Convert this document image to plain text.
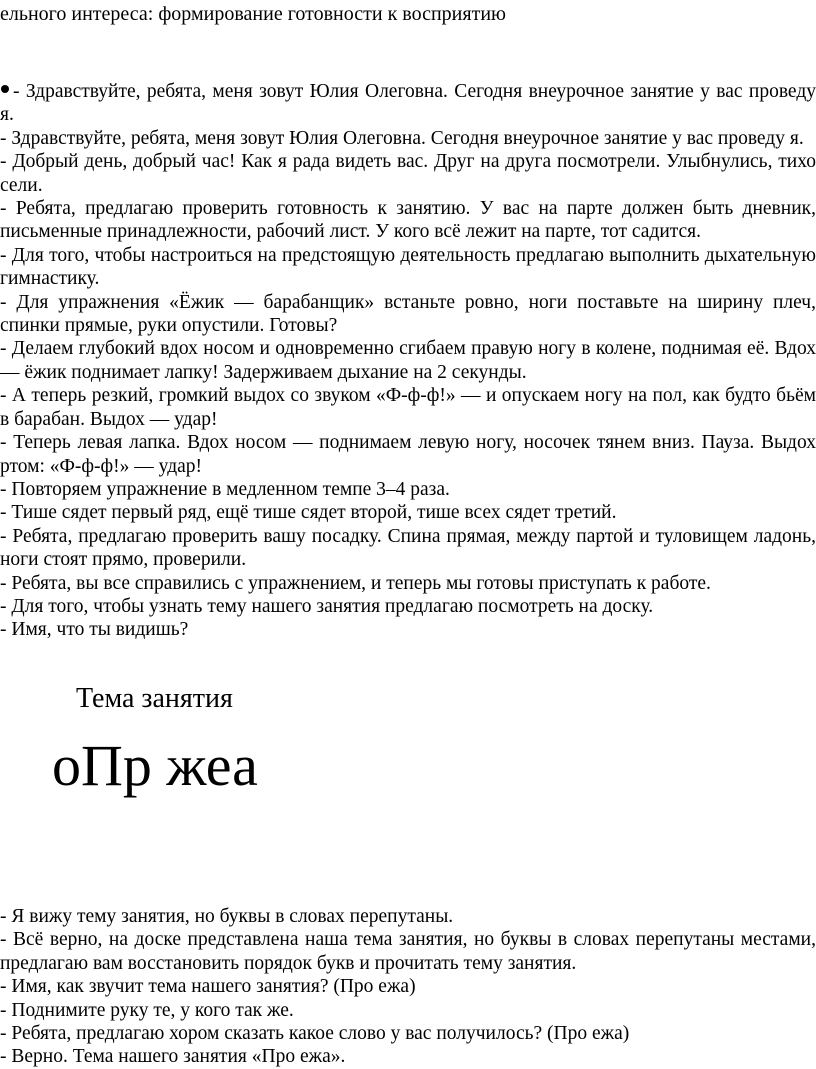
ельного интереса: формирование готовности к восприятию

- Здравствуйте, ребята, меня зовут Юлия Олеговна. Сегодня внеурочное занятие у вас проведу я.

- Здравствуйте, ребята, меня зовут Юлия Олеговна. Сегодня внеурочное занятие у вас проведу я.

- Добрый день, добрый час! Как я рада видеть вас. Друг на друга посмотрели. Улыбнулись, тихо сели.

- Ребята, предлагаю проверить готовность к занятию. У вас на парте должен быть дневник, письменные принадлежности, рабочий лист. У кого всё лежит на парте, тот садится.

- Для того, чтобы настроиться на предстоящую деятельность предлагаю выполнить дыхательную гимнастику.

- Для упражнения «Ёжик — барабанщик» встаньте ровно, ноги поставьте на ширину плеч, спинки прямые, руки опустили. Готовы?

- Делаем глубокий вдох носом и одновременно сгибаем правую ногу в колене, поднимая её. Вдох — ёжик поднимает лапку! Задерживаем дыхание на 2 секунды.

- А теперь резкий, громкий выдох со звуком «Ф-ф-ф!» — и опускаем ногу на пол, как будто бьём в барабан. Выдох — удар!

- Теперь левая лапка. Вдох носом — поднимаем левую ногу, носочек тянем вниз. Пауза. Выдох ртом: «Ф-ф-ф!» — удар!

- Повторяем упражнение в медленном темпе 3–4 раза.

- Тише сядет первый ряд, ещё тише сядет второй, тише всех сядет третий.

- Ребята, предлагаю проверить вашу посадку. Спина прямая, между партой и туловищем ладонь, ноги стоят прямо, проверили.

- Ребята, вы все справились с упражнением, и теперь мы готовы приступать к работе.

- Для того, чтобы узнать тему нашего занятия предлагаю посмотреть на доску.

- Имя, что ты видишь?

Тема занятия
оПр жеа

- Я вижу тему занятия, но буквы в словах перепутаны.

- Всё верно, на доске представлена наша тема занятия, но буквы в словах перепутаны местами, предлагаю вам восстановить порядок букв и прочитать тему занятия.

- Имя, как звучит тема нашего занятия? (Про ежа)

- Поднимите руку те, у кого так же.

- Ребята, предлагаю хором сказать какое слово у вас получилось? (Про ежа)

- Верно. Тема нашего занятия «Про ежа».
